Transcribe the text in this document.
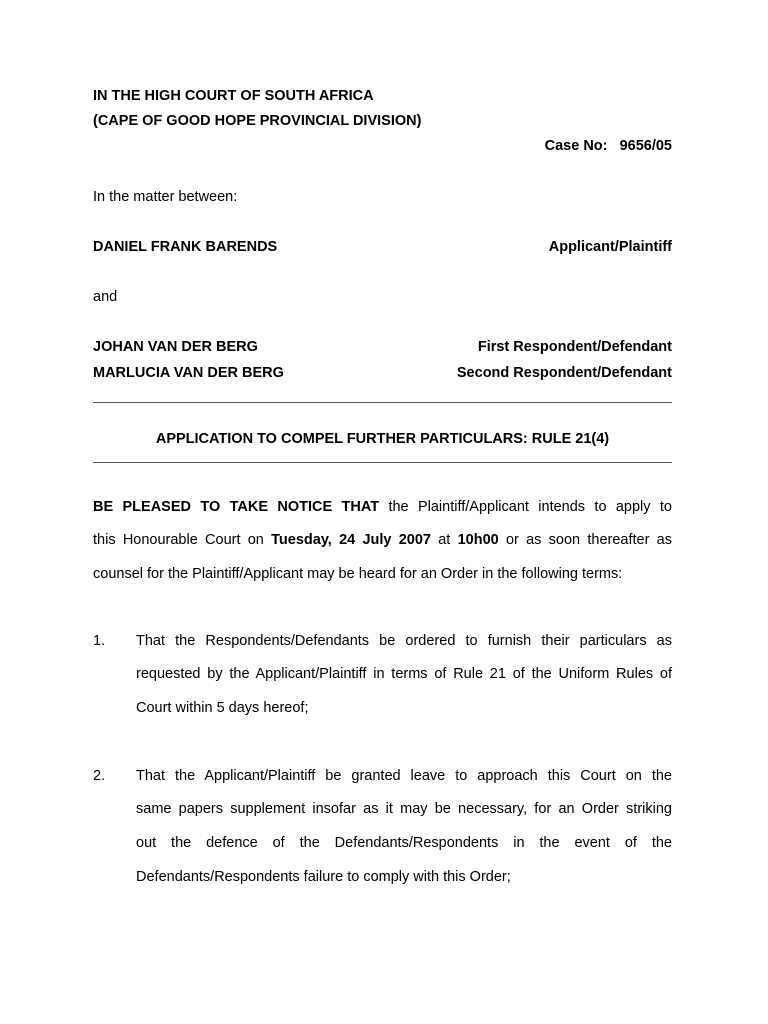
IN THE HIGH COURT OF SOUTH AFRICA
(CAPE OF GOOD HOPE PROVINCIAL DIVISION)
Case No: 9656/05
In the matter between:
DANIEL FRANK BARENDS	Applicant/Plaintiff
and
JOHAN VAN DER BERG	First Respondent/Defendant
MARLUCIA VAN DER BERG	Second Respondent/Defendant
APPLICATION TO COMPEL FURTHER PARTICULARS: RULE 21(4)
BE PLEASED TO TAKE NOTICE THAT the Plaintiff/Applicant intends to apply to
this Honourable Court on Tuesday, 24 July 2007 at 10h00 or as soon thereafter as
counsel for the Plaintiff/Applicant may be heard for an Order in the following terms:
1. That the Respondents/Defendants be ordered to furnish their particulars as
requested by the Applicant/Plaintiff in terms of Rule 21 of the Uniform Rules of
Court within 5 days hereof;
2. That the Applicant/Plaintiff be granted leave to approach this Court on the
same papers supplement insofar as it may be necessary, for an Order striking
out the defence of the Defendants/Respondents in the event of the
Defendants/Respondents failure to comply with this Order;
